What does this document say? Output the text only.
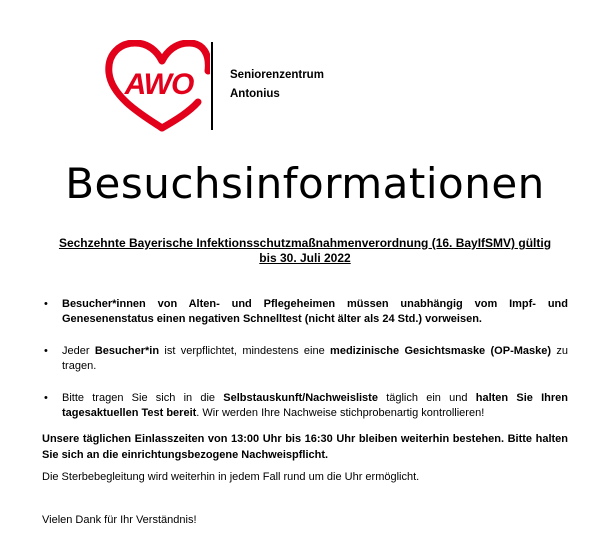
AWO	Seniorenzentrum
Antonius
Besuchsinformationen
Sechzehnte Bayerische Infektionsschutzmaßnahmenverordnung (16. BayIfSMV) gültig
bis 30. Juli 2022
• Besucher*innen von Alten- und Pflegeheimen müssen unabhängig vom Impf- und Genesenenstatus einen negativen Schnelltest (nicht älter als 24 Std.) vorweisen.
• Jeder Besucher*in ist verpflichtet, mindestens eine medizinische Gesichtsmaske (OP-Maske) zu tragen.
• Bitte tragen Sie sich in die Selbstauskunft/Nachweisliste täglich ein und halten Sie Ihren tagesaktuellen Test bereit. Wir werden Ihre Nachweise stichprobenartig kontrollieren!

Unsere täglichen Einlasszeiten von 13:00 Uhr bis 16:30 Uhr bleiben weiterhin bestehen. Bitte halten Sie sich an die einrichtungsbezogene Nachweispflicht.

Die Sterbebegleitung wird weiterhin in jedem Fall rund um die Uhr ermöglicht.

Vielen Dank für Ihr Verständnis!
